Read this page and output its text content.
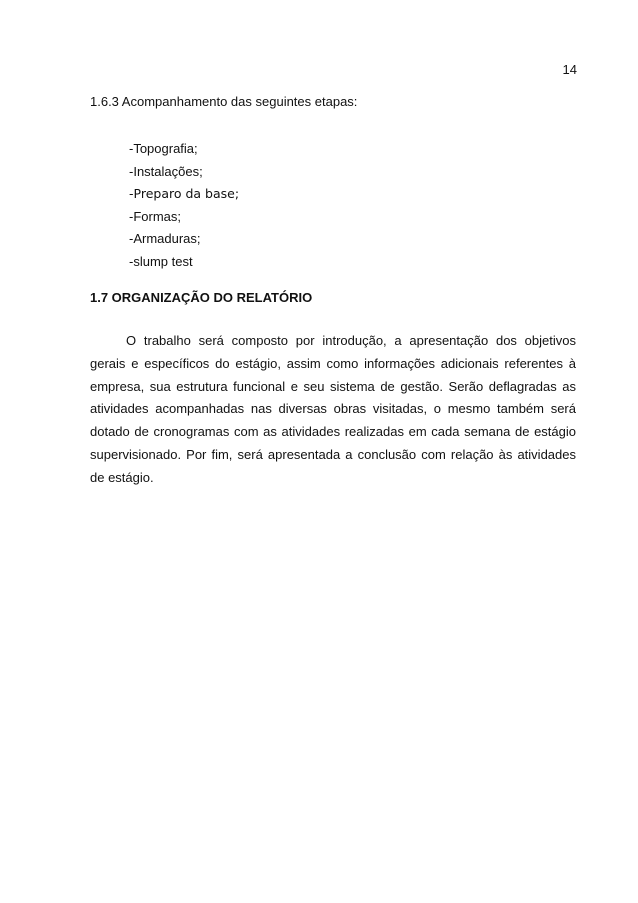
14
1.6.3 Acompanhamento das seguintes etapas:
-Topografia;
-Instalações;
-Preparo da base;
-Formas;
-Armaduras;
-slump test
1.7 ORGANIZAÇÃO DO RELATÓRIO

O trabalho será composto por introdução, a apresentação dos objetivos gerais e específicos do estágio, assim como informações adicionais referentes à empresa, sua estrutura funcional e seu sistema de gestão. Serão deflagradas as atividades acompanhadas nas diversas obras visitadas, o mesmo também será dotado de cronogramas com as atividades realizadas em cada semana de estágio supervisionado. Por fim, será apresentada a conclusão com relação às atividades de estágio.
